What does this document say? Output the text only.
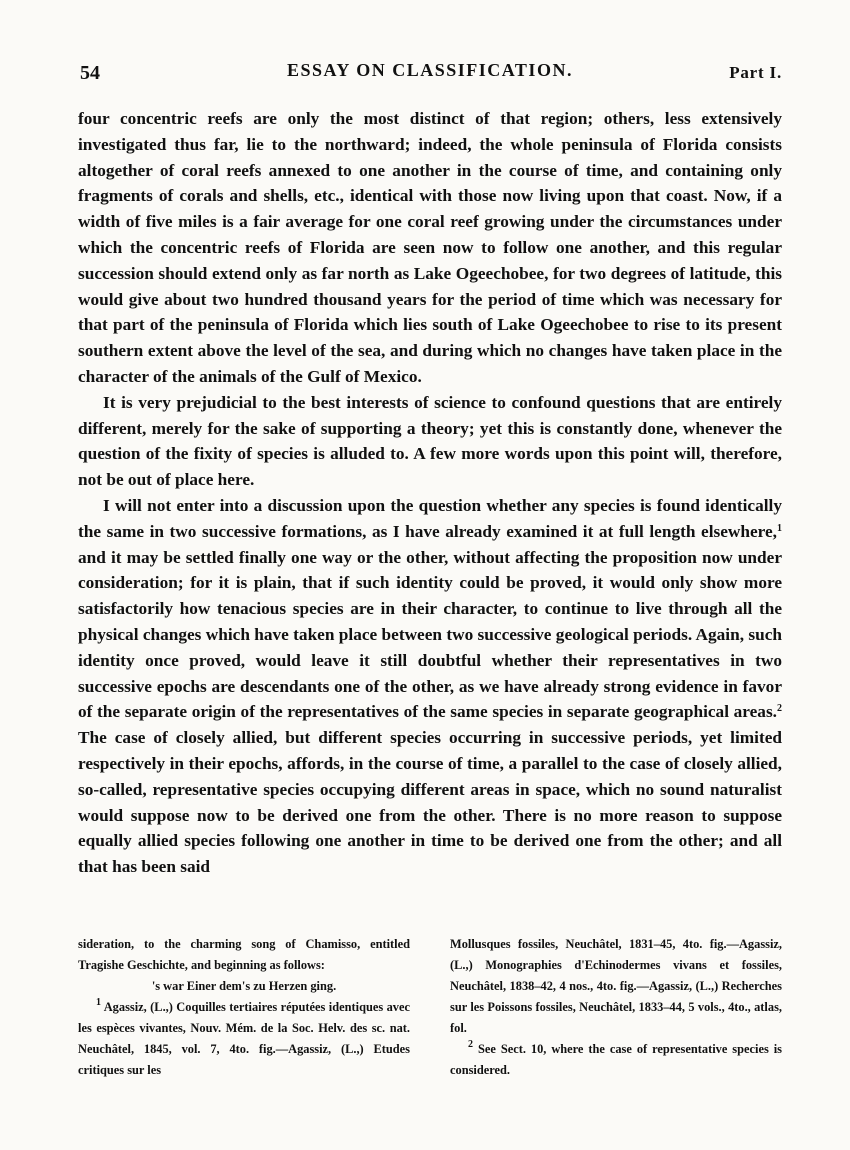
54	ESSAY ON CLASSIFICATION.	Part I.

four concentric reefs are only the most distinct of that region; others, less extensively investigated thus far, lie to the northward; indeed, the whole peninsula of Florida consists altogether of coral reefs annexed to one another in the course of time, and containing only fragments of corals and shells, etc., identical with those now living upon that coast. Now, if a width of five miles is a fair average for one coral reef growing under the circumstances under which the concentric reefs of Florida are seen now to follow one another, and this regular succession should extend only as far north as Lake Ogeechobee, for two degrees of latitude, this would give about two hundred thousand years for the period of time which was necessary for that part of the peninsula of Florida which lies south of Lake Ogeechobee to rise to its present southern extent above the level of the sea, and during which no changes have taken place in the character of the animals of the Gulf of Mexico.

It is very prejudicial to the best interests of science to confound questions that are entirely different, merely for the sake of supporting a theory; yet this is constantly done, whenever the question of the fixity of species is alluded to. A few more words upon this point will, therefore, not be out of place here.

I will not enter into a discussion upon the question whether any species is found identically the same in two successive formations, as I have already examined it at full length elsewhere,$^1$ and it may be settled finally one way or the other, without affecting the proposition now under consideration; for it is plain, that if such identity could be proved, it would only show more satisfactorily how tenacious species are in their character, to continue to live through all the physical changes which have taken place between two successive geological periods. Again, such identity once proved, would leave it still doubtful whether their representatives in two successive epochs are descendants one of the other, as we have already strong evidence in favor of the separate origin of the representatives of the same species in separate geographical areas.$^2$ The case of closely allied, but different species occurring in successive periods, yet limited respectively in their epochs, affords, in the course of time, a parallel to the case of closely allied, so-called, representative species occupying different areas in space, which no sound naturalist would suppose now to be derived one from the other. There is no more reason to suppose equally allied species following one another in time to be derived one from the other; and all that has been said

sideration, to the charming song of Chamisso, entitled Tragishe Geschichte, and beginning as follows:

's war Einer dem's zu Herzen ging.

$^1$ Agassiz, (L.,) Coquilles tertiaires réputées identiques avec les espèces vivantes, Nouv. Mém. de la Soc. Helv. des sc. nat. Neuchâtel, 1845, vol. 7, 4to. fig.—Agassiz, (L.,) Etudes critiques sur les

Mollusques fossiles, Neuchâtel, 1831–45, 4to. fig.—Agassiz, (L.,) Monographies d'Echinodermes vivans et fossiles, Neuchâtel, 1838–42, 4 nos., 4to. fig.—Agassiz, (L.,) Recherches sur les Poissons fossiles, Neuchâtel, 1833–44, 5 vols., 4to., atlas, fol.

$^2$ See Sect. 10, where the case of representative species is considered.
